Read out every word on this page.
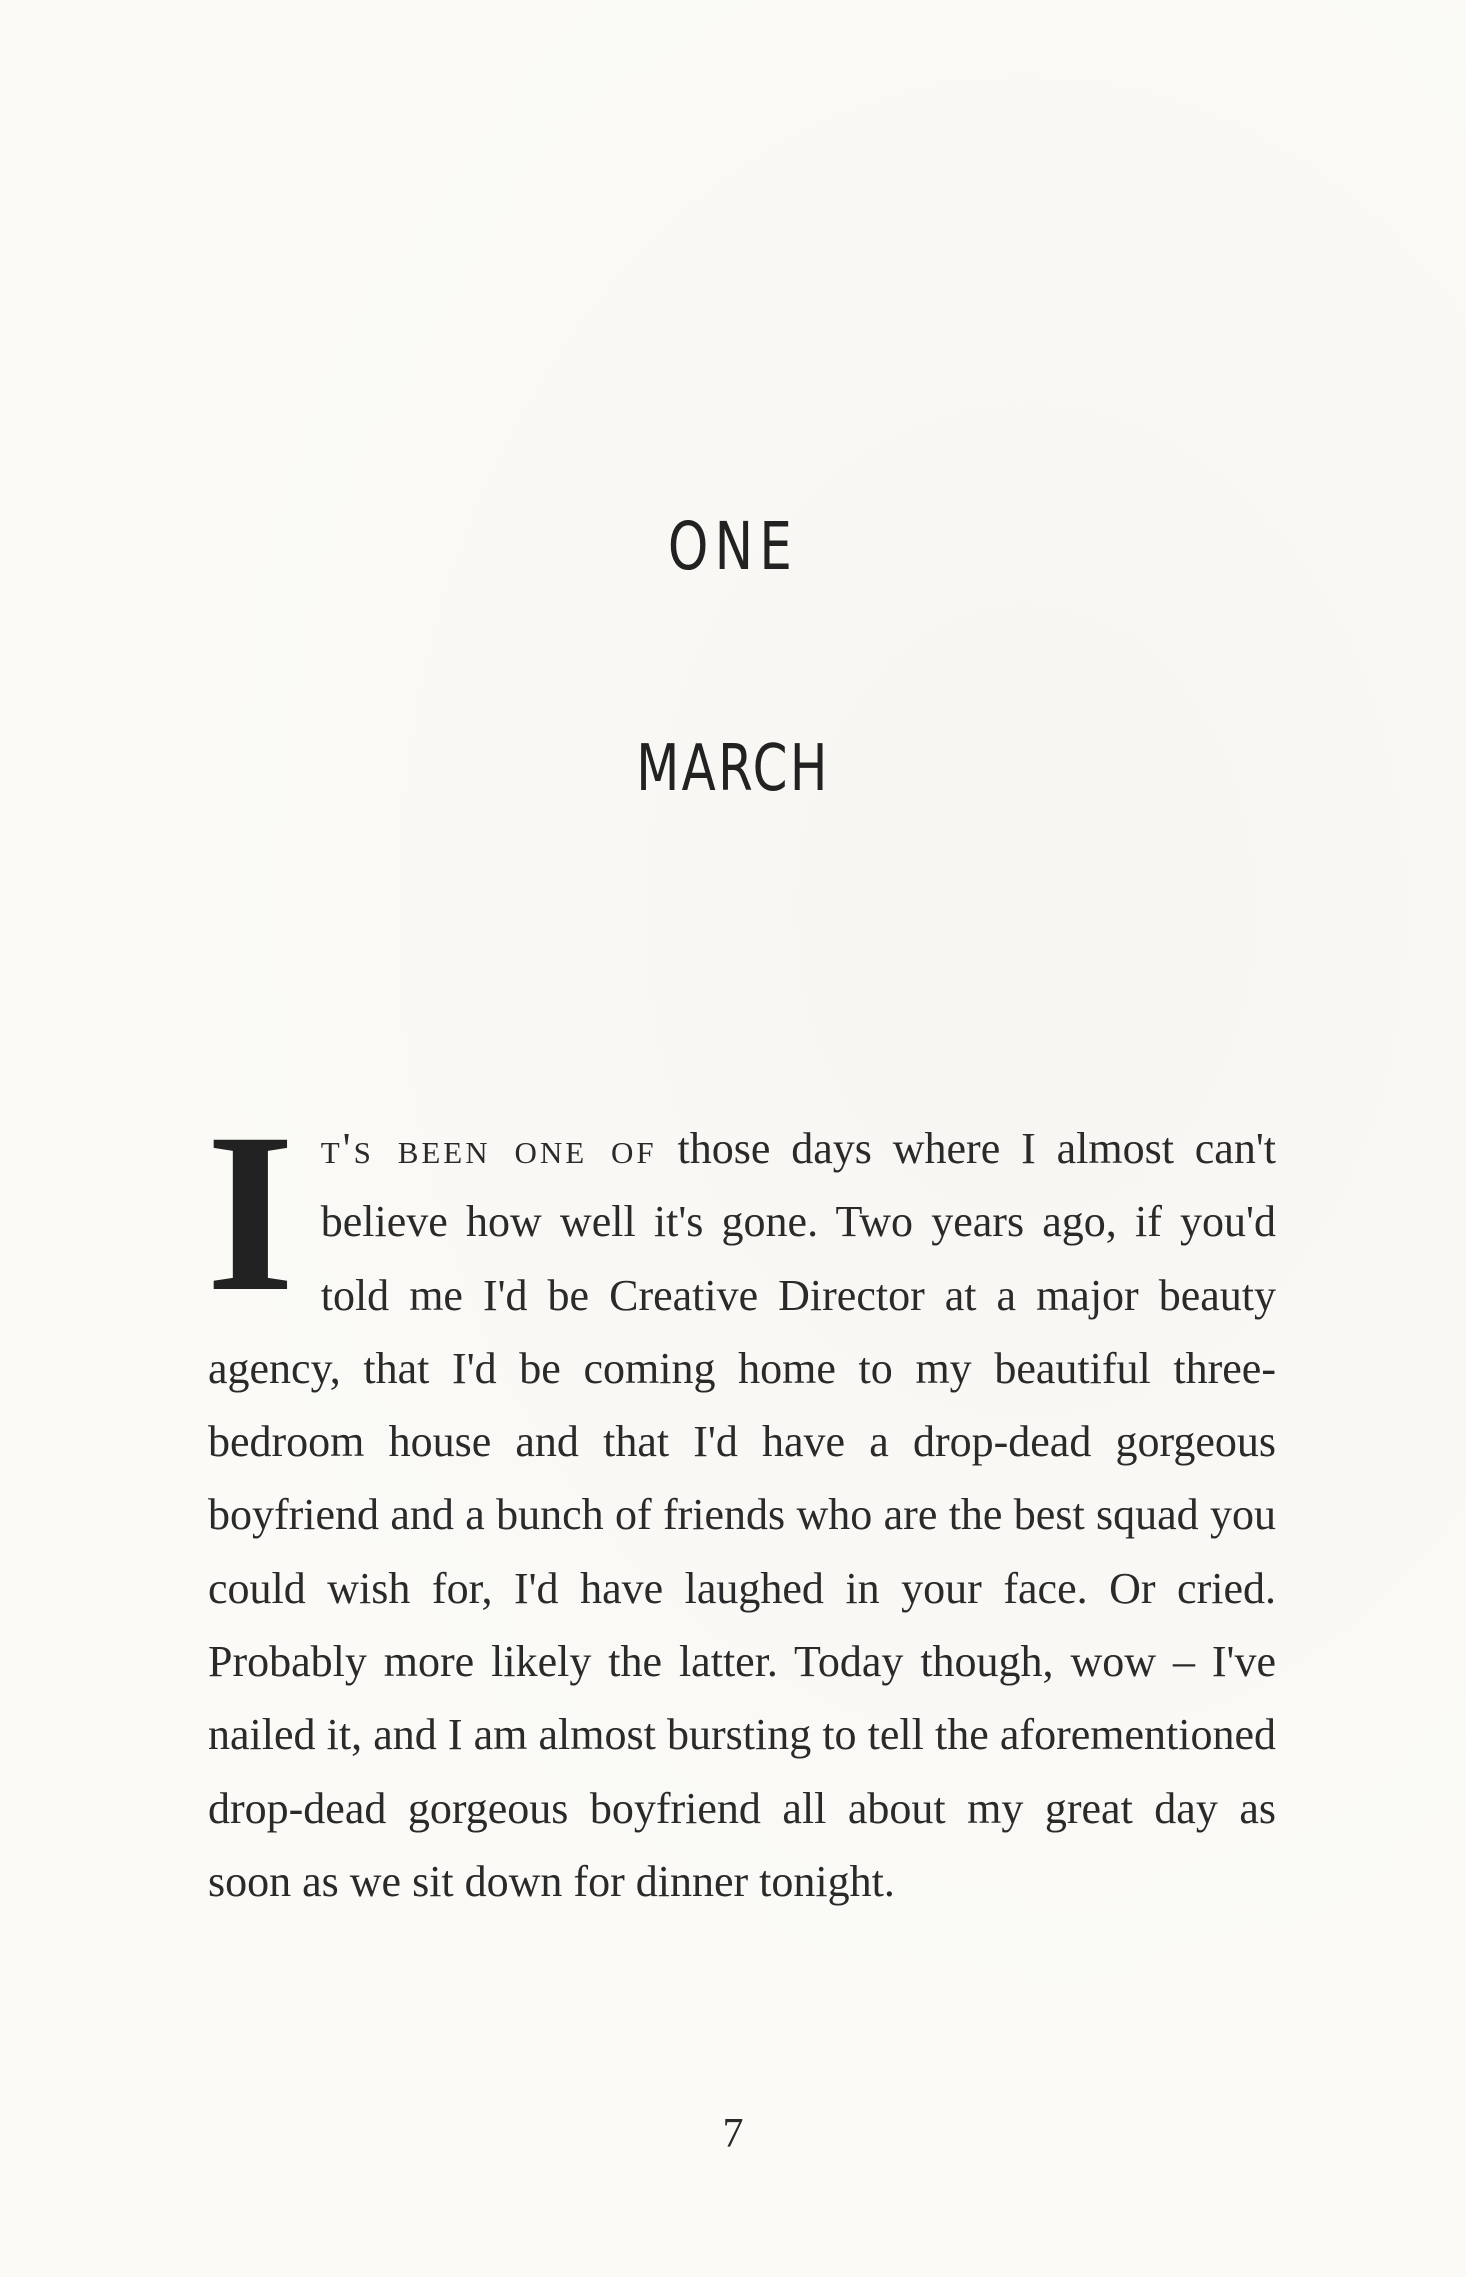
ONE
MARCH
It's been one of those days where I almost can't believe how well it's gone. Two years ago, if you'd told me I'd be Creative Director at a major beauty agency, that I'd be coming home to my beautiful three-bedroom house and that I'd have a drop-dead gorgeous boyfriend and a bunch of friends who are the best squad you could wish for, I'd have laughed in your face. Or cried. Probably more likely the latter. Today though, wow – I've nailed it, and I am almost bursting to tell the aforementioned drop-dead gorgeous boyfriend all about my great day as soon as we sit down for dinner tonight.
7
